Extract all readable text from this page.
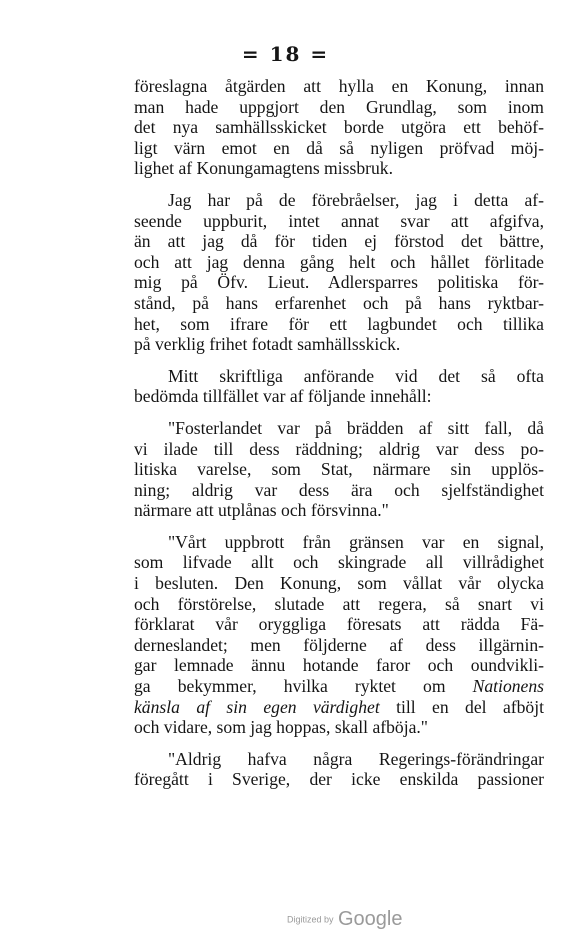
= 18 =
föreslagna åtgärden att hylla en Konung, innan
man hade uppgjort den Grundlag, som inom
det nya samhällsskicket borde utgöra ett behöf-
ligt värn emot en då så nyligen pröfvad möj-
lighet af Konungamagtens missbruk.
Jag har på de förebråelser, jag i detta af-
seende uppburit, intet annat svar att afgifva,
än att jag då för tiden ej förstod det bättre,
och att jag denna gång helt och hållet förlitade
mig på Öfv. Lieut. Adlersparres politiska för-
stånd, på hans erfarenhet och på hans ryktbar-
het, som ifrare för ett lagbundet och tillika
på verklig frihet fotadt samhällsskick.
Mitt skriftliga anförande vid det så ofta
bedömda tillfället var af följande innehåll:
"Fosterlandet var på brädden af sitt fall, då
vi ilade till dess räddning; aldrig var dess po-
litiska varelse, som Stat, närmare sin upplös-
ning; aldrig var dess ära och sjelfständighet
närmare att utplånas och försvinna."
"Vårt uppbrott från gränsen var en signal,
som lifvade allt och skingrade all villrådighet
i besluten. Den Konung, som vållat vår olycka
och förstörelse, slutade att regera, så snart vi
förklarat vår oryggliga föresats att rädda Fä-
derneslandet; men följderne af dess illgärnin-
gar lemnade ännu hotande faror och oundvikli-
ga bekymmer, hvilka ryktet om Nationens
känsla af sin egen värdighet till en del afböjt
och vidare, som jag hoppas, skall afböja."
"Aldrig hafva några Regerings-förändringar
föregått i Sverige, der icke enskilda passioner
Digitized by Google
